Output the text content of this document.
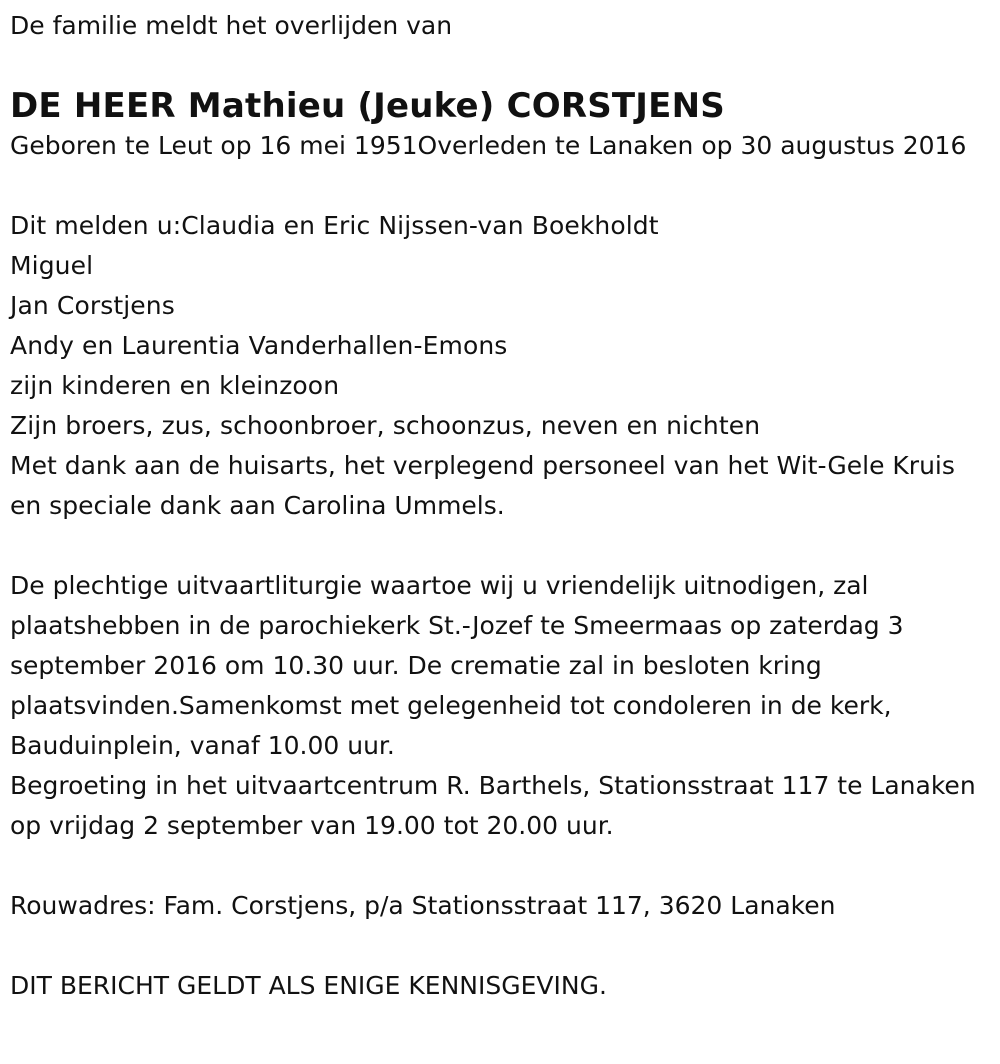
De familie meldt het overlijden van
DE HEER Mathieu (Jeuke) CORSTJENS
Geboren te Leut op 16 mei 1951Overleden te Lanaken op 30 augustus 2016
Dit melden u:Claudia en Eric Nijssen-van Boekholdt
Miguel
Jan Corstjens
Andy en Laurentia Vanderhallen-Emons
zijn kinderen en kleinzoon
Zijn broers, zus, schoonbroer, schoonzus, neven en nichten
Met dank aan de huisarts, het verplegend personeel van het Wit-Gele Kruis en speciale dank aan Carolina Ummels.
De plechtige uitvaartliturgie waartoe wij u vriendelijk uitnodigen, zal plaatshebben in de parochiekerk St.-Jozef te Smeermaas op zaterdag 3 september 2016 om 10.30 uur. De crematie zal in besloten kring plaatsvinden.Samenkomst met gelegenheid tot condoleren in de kerk, Bauduinplein, vanaf 10.00 uur.
Begroeting in het uitvaartcentrum R. Barthels, Stationsstraat 117 te Lanaken op vrijdag 2 september van 19.00 tot 20.00 uur.
Rouwadres: Fam. Corstjens, p/a Stationsstraat 117, 3620 Lanaken
DIT BERICHT GELDT ALS ENIGE KENNISGEVING.
